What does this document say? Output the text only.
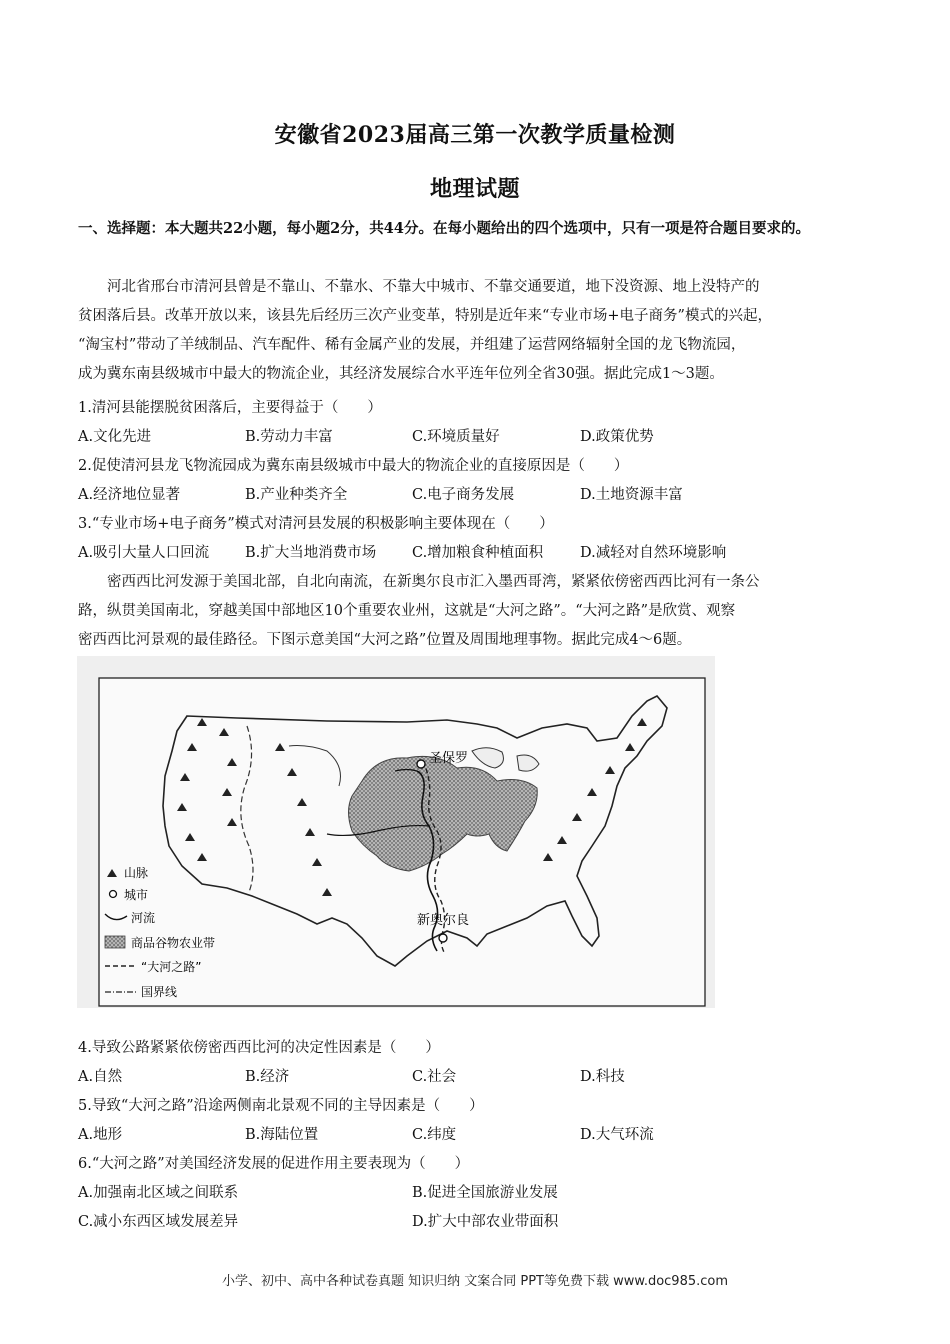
安徽省2023届高三第一次教学质量检测
地理试题
一、选择题：本大题共22小题，每小题2分，共44分。在每小题给出的四个选项中，只有一项是符合题目要求的。
河北省邢台市清河县曾是不靠山、不靠水、不靠大中城市、不靠交通要道，地下没资源、地上没特产的
贫困落后县。改革开放以来，该县先后经历三次产业变革，特别是近年来“专业市场+电子商务”模式的兴起，
“淘宝村”带动了羊绒制品、汽车配件、稀有金属产业的发展，并组建了运营网络辐射全国的龙飞物流园，
成为冀东南县级城市中最大的物流企业，其经济发展综合水平连年位列全省30强。据此完成1～3题。
1.清河县能摆脱贫困落后，主要得益于（　　）
A.文化先进	B.劳动力丰富	C.环境质量好	D.政策优势
2.促使清河县龙飞物流园成为冀东南县级城市中最大的物流企业的直接原因是（　　）
A.经济地位显著	B.产业种类齐全	C.电子商务发展	D.土地资源丰富
3.“专业市场+电子商务”模式对清河县发展的积极影响主要体现在（　　）
A.吸引大量人口回流 B.扩大当地消费市场 C.增加粮食种植面积	D.减轻对自然环境影响
密西西比河发源于美国北部，自北向南流，在新奥尔良市汇入墨西哥湾，紧紧依傍密西西比河有一条公
路，纵贯美国南北，穿越美国中部地区10个重要农业州，这就是“大河之路”。“大河之路”是欣赏、观察
密西西比河景观的最佳路径。下图示意美国“大河之路”位置及周围地理事物。据此完成4～6题。
圣保罗
新奥尔良
山脉
城市
河流
商品谷物农业带
“大河之路”
国界线
4.导致公路紧紧依傍密西西比河的决定性因素是（　　）
A.自然	B.经济	C.社会	D.科技
5.导致“大河之路”沿途两侧南北景观不同的主导因素是（　　）
A.地形	B.海陆位置	C.纬度	D.大气环流
6.“大河之路”对美国经济发展的促进作用主要表现为（　　）
A.加强南北区域之间联系	B.促进全国旅游业发展
C.减小东西区域发展差异	D.扩大中部农业带面积
小学、初中、高中各种试卷真题 知识归纳 文案合同 PPT等免费下载 www.doc985.com
